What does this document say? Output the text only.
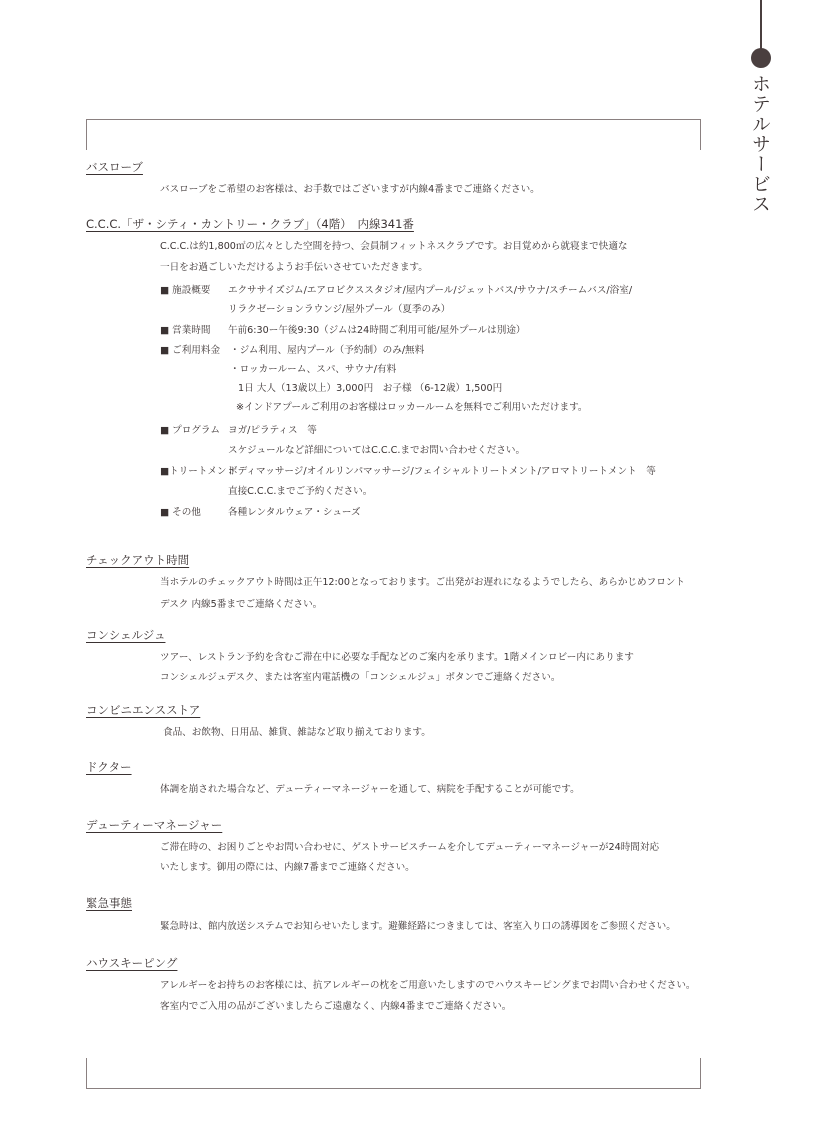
ホテルサービス
バスローブ
バスローブをご希望のお客様は、お手数ではございますが内線4番までご連絡ください。
C.C.C.「ザ・シティ・カントリー・クラブ」（4階）　内線341番
C.C.C.は約1,800㎡の広々とした空間を持つ、会員制フィットネスクラブです。お目覚めから就寝まで快適な
一日をお過ごしいただけるようお手伝いさせていただきます。
■ 施設概要 エクササイズジム/エアロビクススタジオ/屋内プール/ジェットバス/サウナ/スチームバス/浴室/
リラクゼーションラウンジ/屋外プール（夏季のみ）
■ 営業時間 午前6:30ー午後9:30（ジムは24時間ご利用可能/屋外プールは別途）
■ ご利用料金 ・ジム利用、屋内プール（予約制）のみ/無料
・ロッカールーム、スパ、サウナ/有料
1日 大人（13歳以上）3,000円　お子様 （6-12歳）1,500円
※インドアプールご利用のお客様はロッカールームを無料でご利用いただけます。
■ プログラム ヨガ/ピラティス　等
スケジュールなど詳細についてはC.C.C.までお問い合わせください。
■トリートメント
ボディマッサージ/オイルリンパマッサージ/フェイシャルトリートメント/アロマトリートメント　等
直接C.C.C.までご予約ください。
■ その他	各種レンタルウェア・シューズ
チェックアウト時間
当ホテルのチェックアウト時間は正午12:00となっております。ご出発がお遅れになるようでしたら、あらかじめフロント
デスク 内線5番までご連絡ください。
コンシェルジュ
ツアー、レストラン予約を含むご滞在中に必要な手配などのご案内を承ります。1階メインロビー内にあります
コンシェルジュデスク、または客室内電話機の「コンシェルジュ」ボタンでご連絡ください。
コンビニエンスストア
食品、お飲物、日用品、雑貨、雑誌など取り揃えております。
ドクター
体調を崩された場合など、デューティーマネージャーを通して、病院を手配することが可能です。
デューティーマネージャー
ご滞在時の、お困りごとやお問い合わせに、ゲストサービスチームを介してデューティーマネージャーが24時間対応
いたします。御用の際には、内線7番までご連絡ください。
緊急事態
緊急時は、館内放送システムでお知らせいたします。避難経路につきましては、客室入り口の誘導図をご参照ください。
ハウスキーピング
アレルギーをお持ちのお客様には、抗アレルギーの枕をご用意いたしますのでハウスキーピングまでお問い合わせください。
客室内でご入用の品がございましたらご遠慮なく、内線4番までご連絡ください。
